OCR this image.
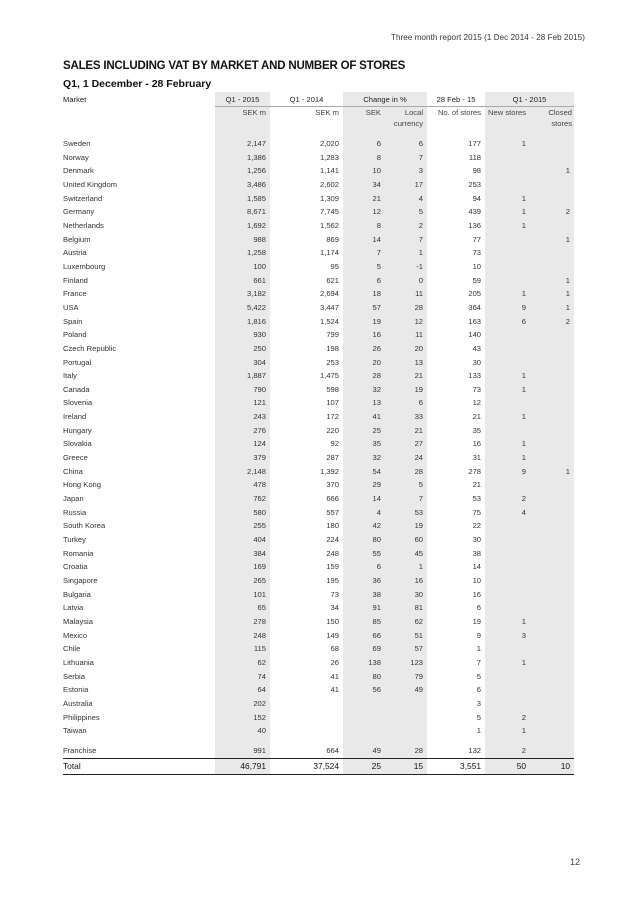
Three month report 2015 (1 Dec 2014 - 28 Feb 2015)
SALES INCLUDING VAT BY MARKET AND NUMBER OF STORES
Q1, 1 December - 28 February
Market	Q1 - 2015	Q1 - 2014	Change in %		28 Feb - 15	Q1 - 2015	
	SEK m	SEK m	SEK	Local currency	No. of stores	New stores	Closed stores

Sweden	2,147	2,020	6	6	177	1	
Norway	1,386	1,283	8	7	118		
Denmark	1,256	1,141	10	3	98		1
United Kingdom	3,486	2,602	34	17	253		
Switzerland	1,585	1,309	21	4	94	1	
Germany	8,671	7,745	12	5	439	1	2
Netherlands	1,692	1,562	8	2	136	1	
Belgium	988	869	14	7	77		1
Austria	1,258	1,174	7	1	73		
Luxembourg	100	95	5	-1	10		
Finland	661	621	6	0	59		1
France	3,182	2,694	18	11	205	1	1
USA	5,422	3,447	57	28	364	9	1
Spain	1,816	1,524	19	12	163	6	2
Poland	930	799	16	11	140		
Czech Republic	250	198	26	20	43		
Portugal	304	253	20	13	30		
Italy	1,887	1,475	28	21	133	1	
Canada	790	598	32	19	73	1	
Slovenia	121	107	13	6	12		
Ireland	243	172	41	33	21	1	
Hungary	276	220	25	21	35		
Slovakia	124	92	35	27	16	1	
Greece	379	287	32	24	31	1	
China	2,148	1,392	54	28	278	9	1
Hong Kong	478	370	29	5	21		
Japan	762	666	14	7	53	2	
Russia	580	557	4	53	75	4	
South Korea	255	180	42	19	22		
Turkey	404	224	80	60	30		
Romania	384	248	55	45	38		
Croatia	169	159	6	1	14		
Singapore	265	195	36	16	10		
Bulgaria	101	73	38	30	16		
Latvia	65	34	91	81	6		
Malaysia	278	150	85	62	19	1	
Mexico	248	149	66	51	9	3	
Chile	115	68	69	57	1		
Lithuania	62	26	138	123	7	1	
Serbia	74	41	80	79	5		
Estonia	64	41	56	49	6		
Australia	202				3		
Philippines	152				5	2	
Taiwan	40				1	1	

Franchise	991	664	49	28	132	2	
Total	46,791	37,524	25	15	3,551	50	10
12
